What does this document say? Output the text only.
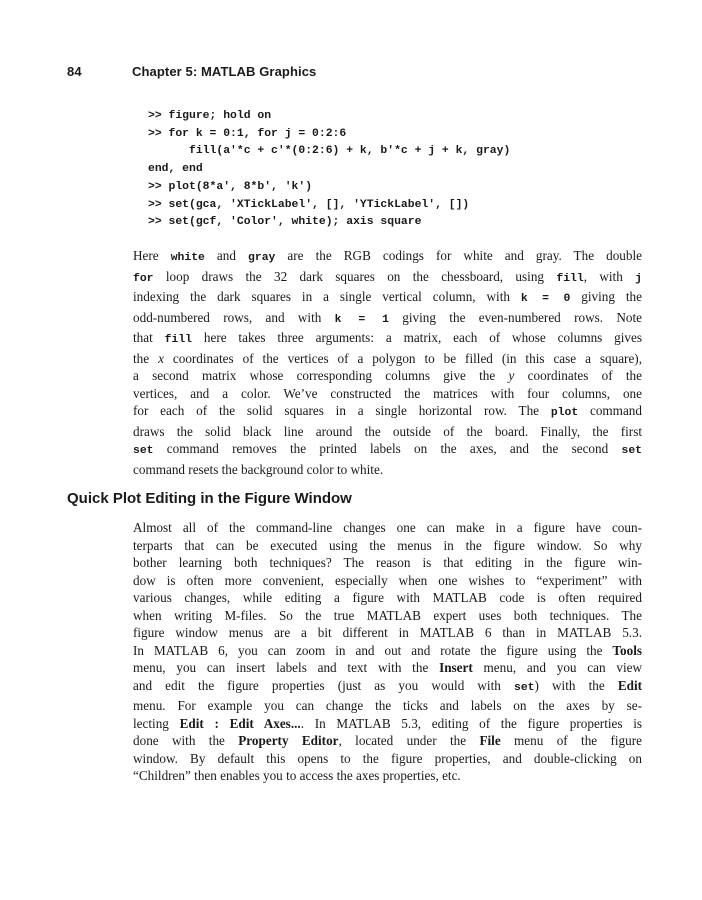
84	Chapter 5: MATLAB Graphics
>> figure; hold on
>> for k = 0:1, for j = 0:2:6
fill(a'*c + c'*(0:2:6) + k, b'*c + j + k, gray)
end, end
>> plot(8*a', 8*b', 'k')
>> set(gca, 'XTickLabel', [], 'YTickLabel', [])
>> set(gcf, 'Color', white); axis square
Here white and gray are the RGB codings for white and gray. The double
for loop draws the 32 dark squares on the chessboard, using fill, with j
indexing the dark squares in a single vertical column, with k = 0 giving the
odd-numbered rows, and with k = 1 giving the even-numbered rows. Note
that fill here takes three arguments: a matrix, each of whose columns gives
the x coordinates of the vertices of a polygon to be filled (in this case a square),
a second matrix whose corresponding columns give the y coordinates of the
vertices, and a color. We’ve constructed the matrices with four columns, one
for each of the solid squares in a single horizontal row. The plot command
draws the solid black line around the outside of the board. Finally, the first
set command removes the printed labels on the axes, and the second set
command resets the background color to white.
Quick Plot Editing in the Figure Window
Almost all of the command-line changes one can make in a figure have coun-
terparts that can be executed using the menus in the figure window. So why
bother learning both techniques? The reason is that editing in the figure win-
dow is often more convenient, especially when one wishes to “experiment” with
various changes, while editing a figure with MATLAB code is often required
when writing M-files. So the true MATLAB expert uses both techniques. The
figure window menus are a bit different in MATLAB 6 than in MATLAB 5.3.
In MATLAB 6, you can zoom in and out and rotate the figure using the Tools
menu, you can insert labels and text with the Insert menu, and you can view
and edit the figure properties (just as you would with set) with the Edit
menu. For example you can change the ticks and labels on the axes by se-
lecting Edit : Edit Axes.... In MATLAB 5.3, editing of the figure properties is
done with the Property Editor, located under the File menu of the figure
window. By default this opens to the figure properties, and double-clicking on
“Children” then enables you to access the axes properties, etc.
